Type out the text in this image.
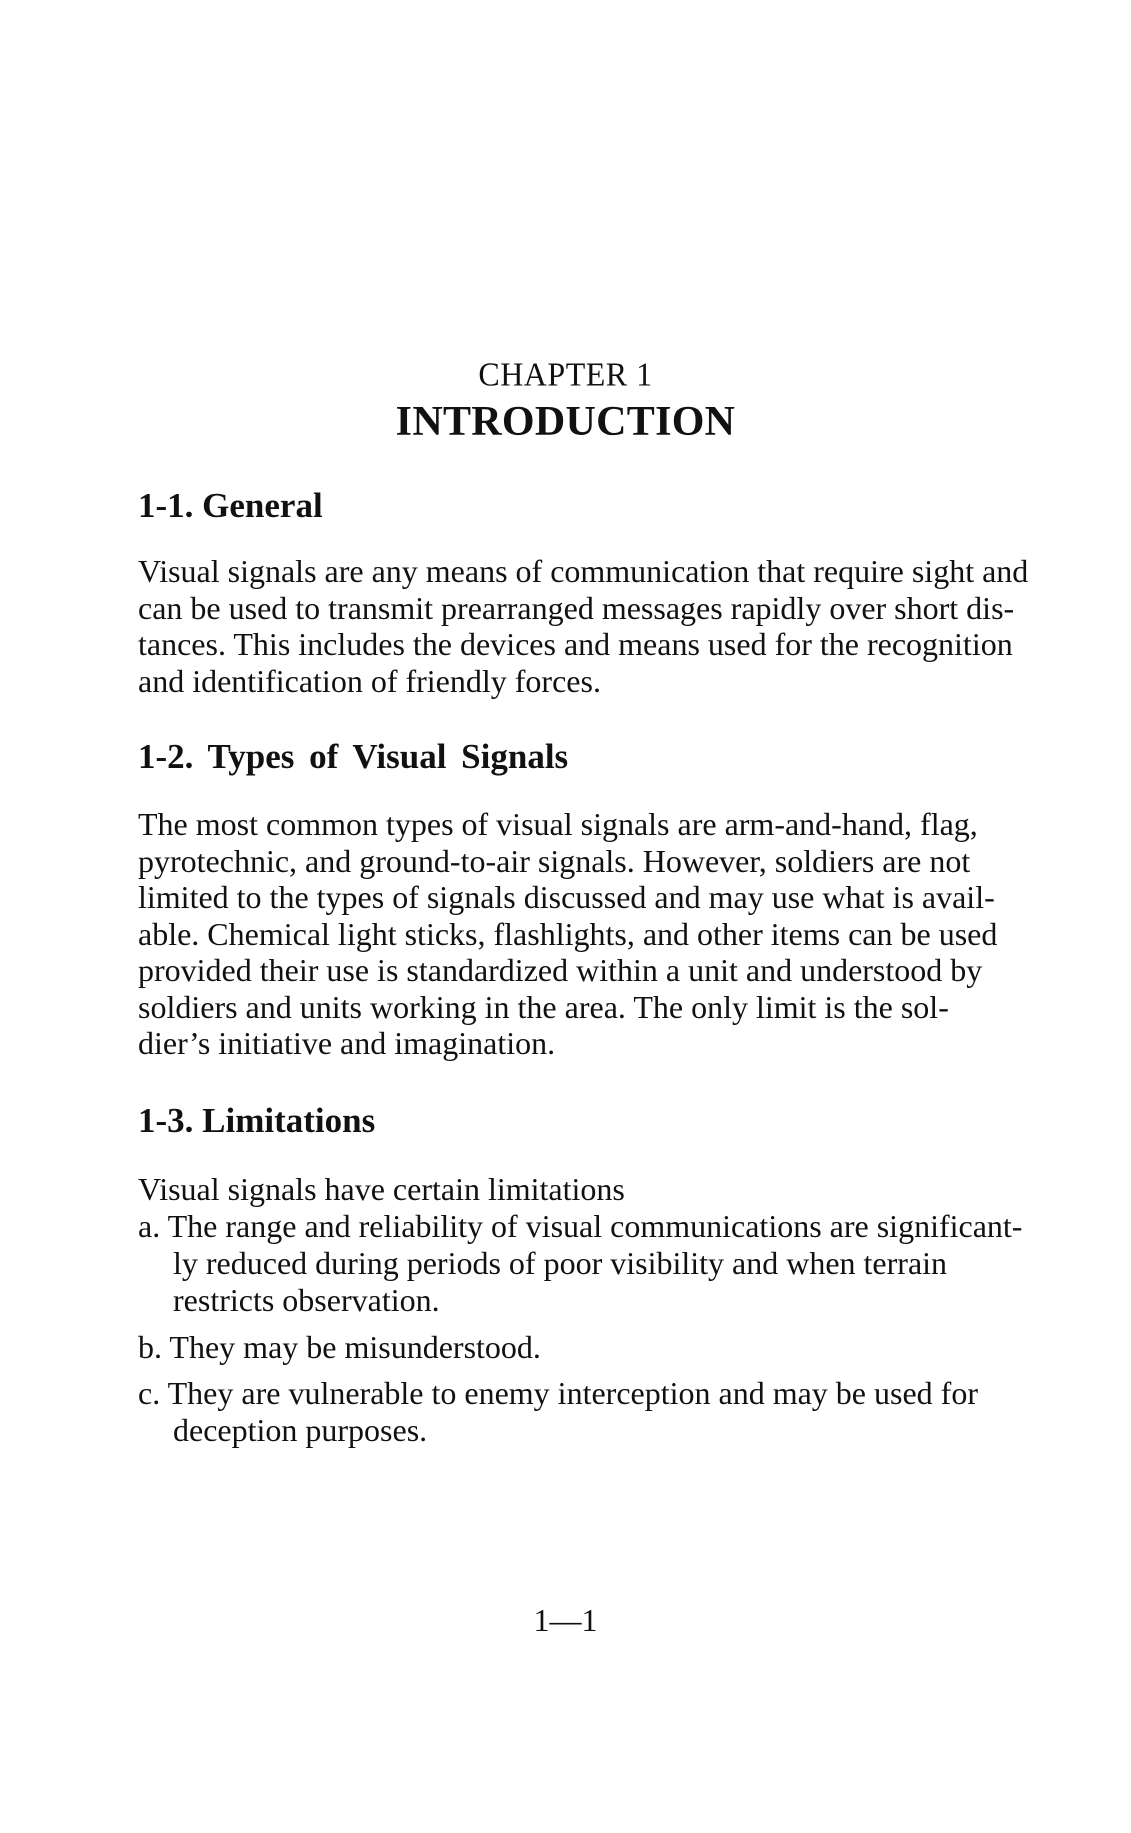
CHAPTER 1
INTRODUCTION
1-1. General
Visual signals are any means of communication that require sight and
can be used to transmit prearranged messages rapidly over short dis-
tances. This includes the devices and means used for the recognition
and identification of friendly forces.
1-2. Types of Visual Signals
The most common types of visual signals are arm-and-hand, flag,
pyrotechnic, and ground-to-air signals. However, soldiers are not
limited to the types of signals discussed and may use what is avail-
able. Chemical light sticks, flashlights, and other items can be used
provided their use is standardized within a unit and understood by
soldiers and units working in the area. The only limit is the sol-
dier’s initiative and imagination.
1-3. Limitations
Visual signals have certain limitations
a. The range and reliability of visual communications are significant-
ly reduced during periods of poor visibility and when terrain
restricts observation.
b. They may be misunderstood.
c. They are vulnerable to enemy interception and may be used for
deception purposes.
1—1
